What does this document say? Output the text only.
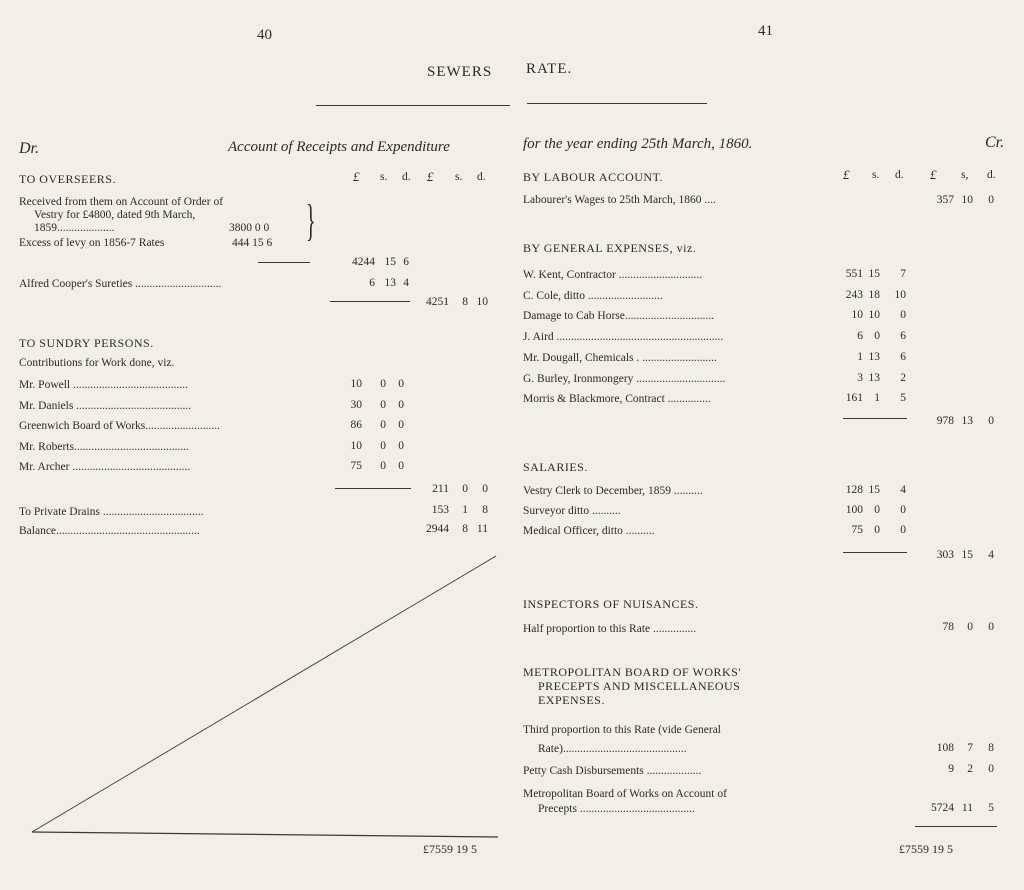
40	41
SEWERS RATE.
Dr.	Account of Receipts and Expenditure	for the year ending 25th March, 1860.	Cr.
TO OVERSEERS.	£ s. d. £ s. d.
Received from them on Account of Order of
Vestry for £4800, dated 9th March,
1859....................	3800 0 0
Excess of levy on 1856-7 Rates	444 15 6 }
4244 15 6
Alfred Cooper's Sureties ..............................	6 13 4
4251	8 10
TO SUNDRY PERSONS.
Contributions for Work done, viz.
Mr. Powell ........................................	10	0	0
Mr. Daniels ........................................	30	0	0
Greenwich Board of Works..........................	86	0	0
Mr. Roberts........................................	10	0	0
Mr. Archer .........................................	75	0	0
211	0	0
To Private Drains ...................................	153	1	8
Balance..................................................	2944	8 11
£7559 19 5
BY LABOUR ACCOUNT.	£ s. d. £ s, d.
Labourer's Wages to 25th March, 1860 ....	357 10	0
BY GENERAL EXPENSES, viz.
W. Kent, Contractor .............................	551 15	7
C. Cole, ditto ..........................	243 18 10
Damage to Cab Horse...............................	10 10	0
J. Aird ..........................................................	6 0	6
Mr. Dougall, Chemicals . ..........................	1 13	6
G. Burley, Ironmongery ...............................	3 13	2
Morris & Blackmore, Contract ...............	161 1	5
978 13	0
SALARIES.
Vestry Clerk to December, 1859 ..........	128 15	4
Surveyor ditto ..........	100 0	0
Medical Officer, ditto ..........	75 0	0
303 15	4
INSPECTORS OF NUISANCES.
Half proportion to this Rate ...............	78	0	0
METROPOLITAN BOARD OF WORKS'
PRECEPTS AND MISCELLANEOUS
EXPENSES.
Third proportion to this Rate (vide General
Rate)...........................................	108	7	8
Petty Cash Disbursements ...................	9	2	0
Metropolitan Board of Works on Account of
Precepts ........................................	5724 11	5
£7559 19 5
